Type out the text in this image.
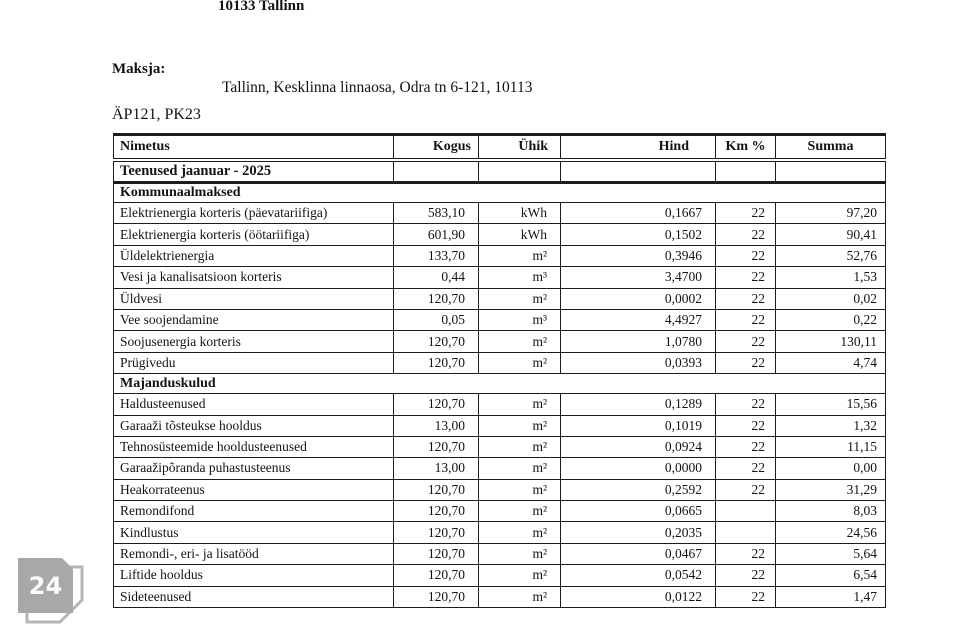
10133 Tallinn
Maksja:
Tallinn, Kesklinna linnaosa, Odra tn 6-121, 10113
ÄP121, PK23
Nimetus	Kogus	Ühik	Hind	Km %	Summa
Teenused jaanuar - 2025					
Kommunaalmaksed					
Elektrienergia korteris (päevatariifiga)	583,10	kWh	0,1667	22	97,20
Elektrienergia korteris (öötariifiga)	601,90	kWh	0,1502	22	90,41
Üldelektrienergia	133,70	m²	0,3946	22	52,76
Vesi ja kanalisatsioon korteris	0,44	m³	3,4700	22	1,53
Üldvesi	120,70	m²	0,0002	22	0,02
Vee soojendamine	0,05	m³	4,4927	22	0,22
Soojusenergia korteris	120,70	m²	1,0780	22	130,11
Prügivedu	120,70	m²	0,0393	22	4,74
Majanduskulud					
Haldusteenused	120,70	m²	0,1289	22	15,56
Garaaži tõsteukse hooldus	13,00	m²	0,1019	22	1,32
Tehnosüsteemide hooldusteenused	120,70	m²	0,0924	22	11,15
Garaažipõranda puhastusteenus	13,00	m²	0,0000	22	0,00
Heakorrateenus	120,70	m²	0,2592	22	31,29
Remondifond	120,70	m²	0,0665		8,03
Kindlustus	120,70	m²	0,2035		24,56
Remondi-, eri- ja lisatööd	120,70	m²	0,0467	22	5,64
Liftide hooldus	120,70	m²	0,0542	22	6,54
Sideteenused	120,70	m²	0,0122	22	1,47
24
